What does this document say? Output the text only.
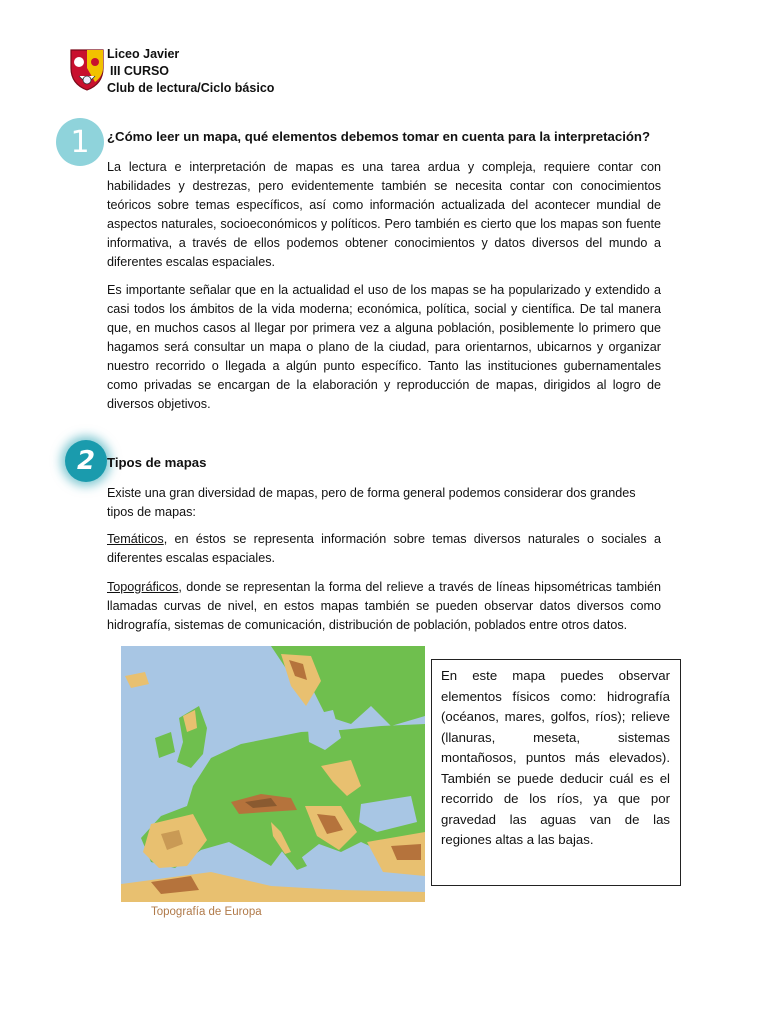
Liceo Javier
III CURSO
Club de lectura/Ciclo básico
1 ¿Cómo leer un mapa, qué elementos debemos tomar en cuenta para la interpretación?

La lectura e interpretación de mapas es una tarea ardua y compleja, requiere contar con habilidades y destrezas, pero evidentemente también se necesita contar con conocimientos teóricos sobre temas específicos, así como información actualizada del acontecer mundial de aspectos naturales, socioeconómicos y políticos. Pero también es cierto que los mapas son fuente informativa, a través de ellos podemos obtener conocimientos y datos diversos del mundo a diferentes escalas espaciales.

Es importante señalar que en la actualidad el uso de los mapas se ha popularizado y extendido a casi todos los ámbitos de la vida moderna; económica, política, social y científica. De tal manera que, en muchos casos al llegar por primera vez a alguna población, posiblemente lo primero que hagamos será consultar un mapa o plano de la ciudad, para orientarnos, ubicarnos y organizar nuestro recorrido o llegada a algún punto específico. Tanto las instituciones gubernamentales como privadas se encargan de la elaboración y reproducción de mapas, dirigidos al logro de diversos objetivos.

2 Tipos de mapas

Existe una gran diversidad de mapas, pero de forma general podemos considerar dos grandes tipos de mapas:

Temáticos, en éstos se representa información sobre temas diversos naturales o sociales a diferentes escalas espaciales.

Topográficos, donde se representan la forma del relieve a través de líneas hipsométricas también llamadas curvas de nivel, en estos mapas también se pueden observar datos diversos como hidrografía, sistemas de comunicación, distribución de población, poblados entre otros datos.

Topografía de Europa

En este mapa puedes observar elementos físicos como: hidrografía (océanos, mares, golfos, ríos); relieve (llanuras, meseta, sistemas montañosos, puntos más elevados). También se puede deducir cuál es el recorrido de los ríos, ya que por gravedad las aguas van de las regiones altas a las bajas.
